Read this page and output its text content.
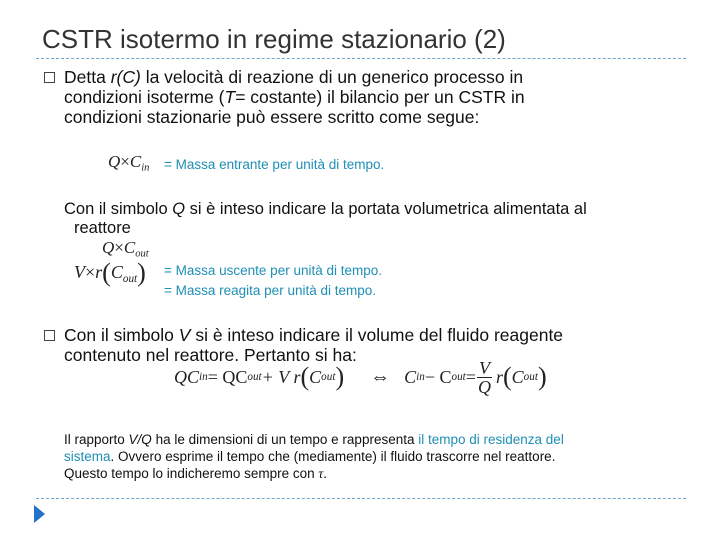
CSTR isotermo in regime stazionario (2)
Detta r(C) la velocità di reazione di un generico processo in
condizioni isoterme (T= costante) il bilancio per un CSTR in
condizioni stazionarie può essere scritto come segue:
$Q\times C_{in}$ = Massa entrante per unità di tempo.
Con il simbolo Q si è inteso indicare la portata volumetrica alimentata al
reattore
$Q\times C_{out}$
$V\times r(C_{out})$ = Massa uscente per unità di tempo.
= Massa reagita per unità di tempo.
Con il simbolo V si è inteso indicare il volume del fluido reagente
contenuto nel reattore. Pertanto si ha:
QC in = QC out + V r ( C out ) ⇔ C in − C out = $\frac{V}{Q}$ r ( C out )
Il rapporto V/Q ha le dimensioni di un tempo e rappresenta il tempo di residenza del
sistema. Ovvero esprime il tempo che (mediamente) il fluido trascorre nel reattore.
Questo tempo lo indicheremo sempre con τ.
